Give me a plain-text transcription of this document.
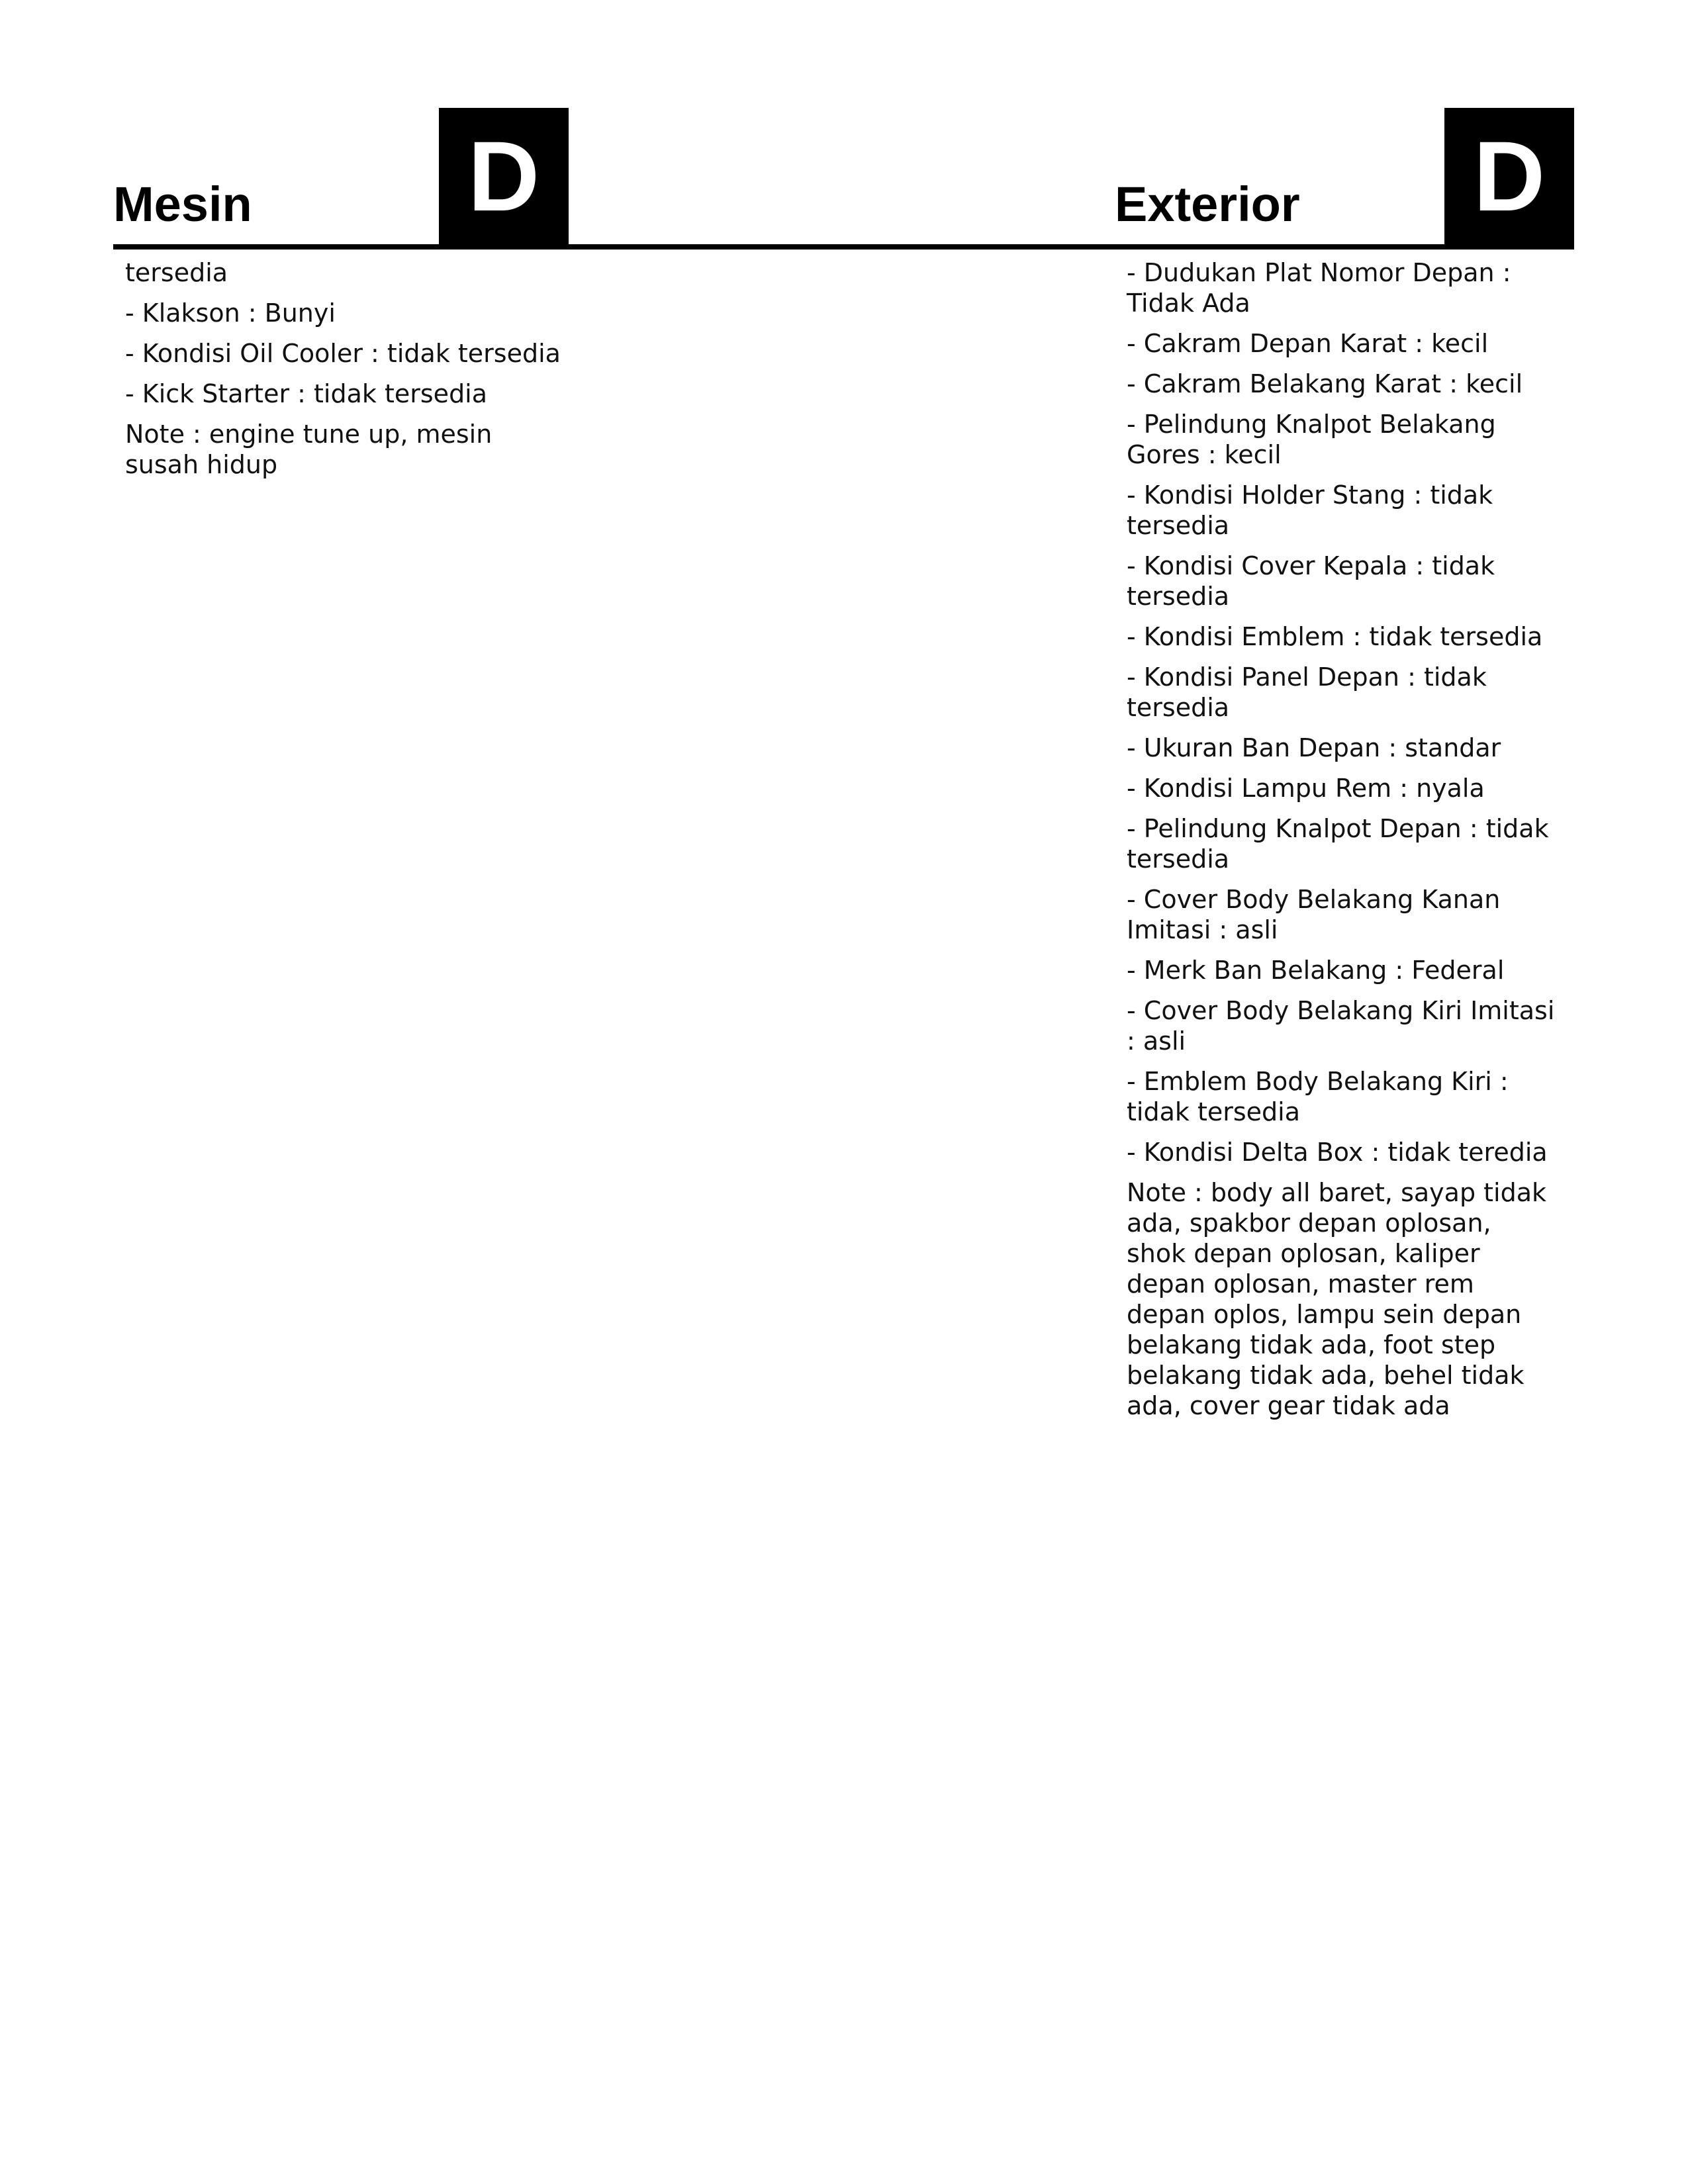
Mesin D	Exterior D
tersedia
- Klakson : Bunyi
- Kondisi Oil Cooler : tidak tersedia
- Kick Starter : tidak tersedia

Note : engine tune up, mesin susah hidup

- Dudukan Plat Nomor Depan : Tidak Ada
- Cakram Depan Karat : kecil
- Cakram Belakang Karat : kecil
- Pelindung Knalpot Belakang Gores : kecil
- Kondisi Holder Stang : tidak tersedia
- Kondisi Cover Kepala : tidak tersedia
- Kondisi Emblem : tidak tersedia
- Kondisi Panel Depan : tidak tersedia
- Ukuran Ban Depan : standar
- Kondisi Lampu Rem : nyala
- Pelindung Knalpot Depan : tidak tersedia
- Cover Body Belakang Kanan Imitasi : asli
- Merk Ban Belakang : Federal
- Cover Body Belakang Kiri Imitasi : asli
- Emblem Body Belakang Kiri : tidak tersedia
- Kondisi Delta Box : tidak teredia

Note : body all baret, sayap tidak ada, spakbor depan oplosan, shok depan oplosan, kaliper depan oplosan, master rem depan oplos, lampu sein depan belakang tidak ada, foot step belakang tidak ada, behel tidak ada, cover gear tidak ada
